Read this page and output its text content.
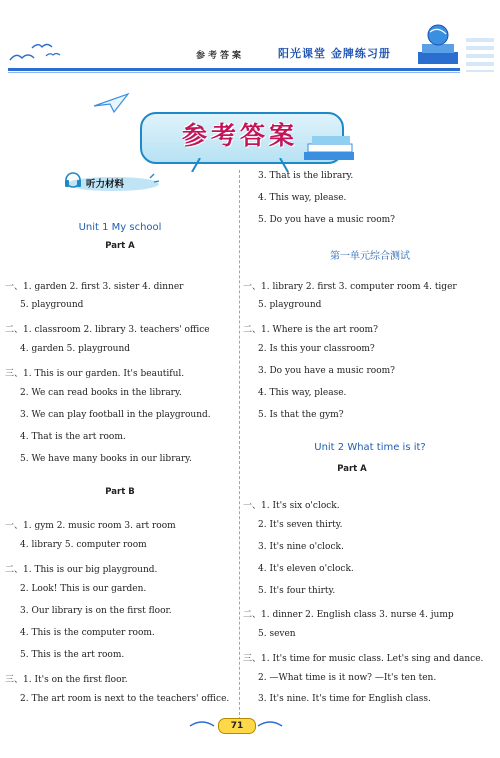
参考答案	阳光课堂 金牌练习册
参考答案
听力材料
Unit 1 My school
Part A
一、1. garden 2. first 3. sister 4. dinner
5. playground
二、1. classroom 2. library 3. teachers' office
4. garden 5. playground
三、1. This is our garden. It's beautiful.
2. We can read books in the library.
3. We can play football in the playground.
4. That is the art room.
5. We have many books in our library.
Part B
一、1. gym 2. music room 3. art room
4. library 5. computer room
二、1. This is our big playground.
2. Look! This is our garden.
3. Our library is on the first floor.
4. This is the computer room.
5. This is the art room.
三、1. It's on the first floor.
2. The art room is next to the teachers' office.
3. That is the library.
4. This way, please.
5. Do you have a music room?
第一单元综合测试
一、1. library 2. first 3. computer room 4. tiger
5. playground
二、1. Where is the art room?
2. Is this your classroom?
3. Do you have a music room?
4. This way, please.
5. Is that the gym?
Unit 2 What time is it?
Part A
一、1. It's six o'clock.
2. It's seven thirty.
3. It's nine o'clock.
4. It's eleven o'clock.
5. It's four thirty.
二、1. dinner 2. English class 3. nurse 4. jump
5. seven
三、1. It's time for music class. Let's sing and dance.
2. —What time is it now? —It's ten ten.
3. It's nine. It's time for English class.
71
